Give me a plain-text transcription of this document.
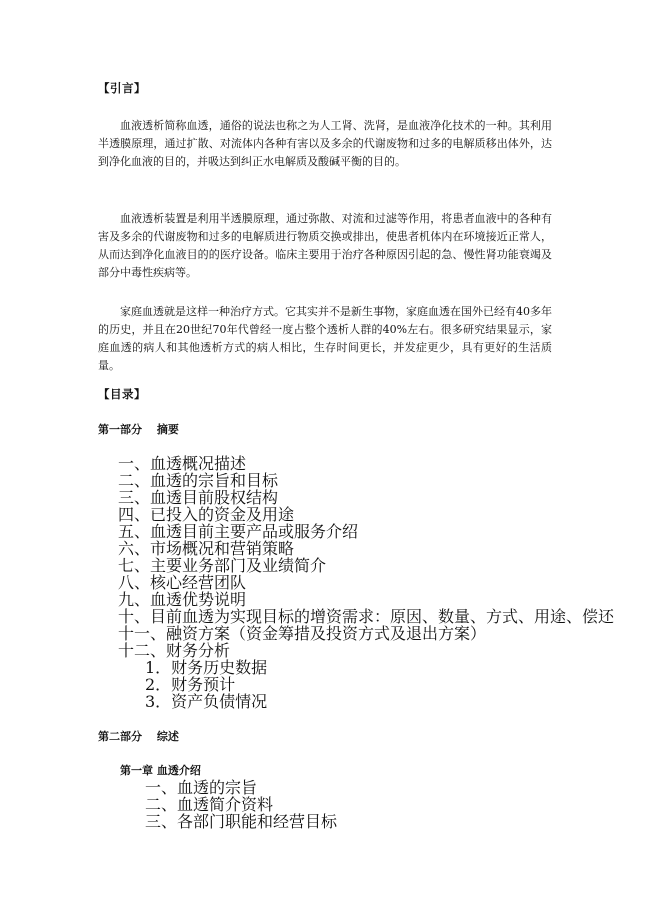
【引言】
血液透析简称血透，通俗的说法也称之为人工肾、洗肾，是血液净化技术的一种。其利用半透膜原理，通过扩散、对流体内各种有害以及多余的代谢废物和过多的电解质移出体外，达到净化血液的目的，并吸达到纠正水电解质及酸碱平衡的目的。
血液透析装置是利用半透膜原理，通过弥散、对流和过滤等作用，将患者血液中的各种有害及多余的代谢废物和过多的电解质进行物质交换或排出，使患者机体内在环境接近正常人，从而达到净化血液目的的医疗设备。临床主要用于治疗各种原因引起的急、慢性肾功能衰竭及部分中毒性疾病等。
家庭血透就是这样一种治疗方式。它其实并不是新生事物，家庭血透在国外已经有40多年的历史，并且在20世纪70年代曾经一度占整个透析人群的40%左右。很多研究结果显示，家庭血透的病人和其他透析方式的病人相比，生存时间更长，并发症更少，具有更好的生活质量。
【目录】
第一部分　 摘要
一、血透概况描述
二、血透的宗旨和目标
三、血透目前股权结构
四、已投入的资金及用途
五、血透目前主要产品或服务介绍
六、市场概况和营销策略
七、主要业务部门及业绩简介
八、核心经营团队
九、血透优势说明
十、目前血透为实现目标的增资需求：原因、数量、方式、用途、偿还
十一、融资方案（资金筹措及投资方式及退出方案）
十二、财务分析
1．财务历史数据
2．财务预计
3．资产负债情况
第二部分　 综述
第一章 血透介绍
一、血透的宗旨
二、血透简介资料
三、各部门职能和经营目标
